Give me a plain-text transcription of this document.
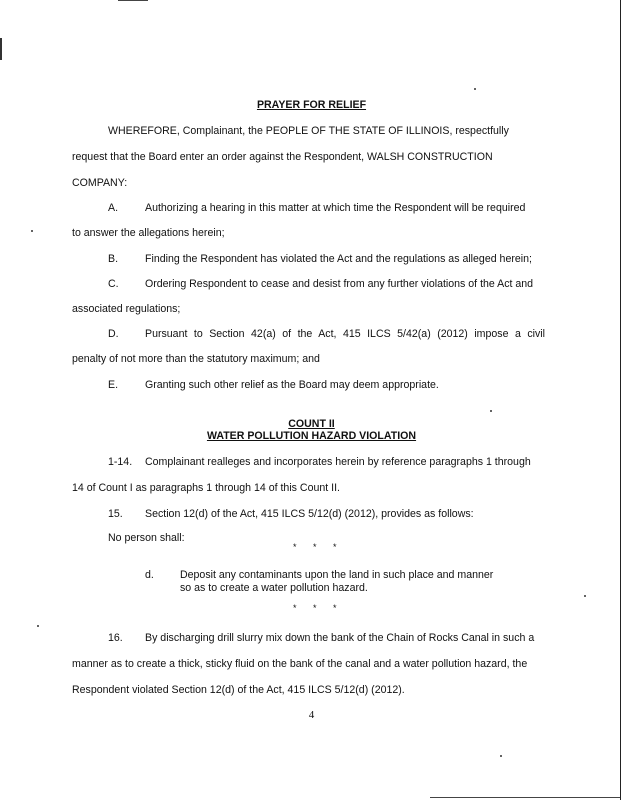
PRAYER FOR RELIEF
WHEREFORE, Complainant, the PEOPLE OF THE STATE OF ILLINOIS, respectfully
request that the Board enter an order against the Respondent, WALSH CONSTRUCTION
COMPANY:
A.	Authorizing a hearing in this matter at which time the Respondent will be required
to answer the allegations herein;
B.	Finding the Respondent has violated the Act and the regulations as alleged herein;
C. Ordering Respondent to cease and desist from any further violations of the Act and
associated regulations;
D. Pursuant to Section 42(a) of the Act, 415 ILCS 5/42(a) (2012) impose a civil
penalty of not more than the statutory maximum; and
E.	Granting such other relief as the Board may deem appropriate.
COUNT II
WATER POLLUTION HAZARD VIOLATION
1-14. Complainant realleges and incorporates herein by reference paragraphs 1 through
14 of Count I as paragraphs 1 through 14 of this Count II.
15. Section 12(d) of the Act, 415 ILCS 5/12(d) (2012), provides as follows:
No person shall:
* * *
d. Deposit any contaminants upon the land in such place and manner
so as to create a water pollution hazard.
* * *
16. By discharging drill slurry mix down the bank of the Chain of Rocks Canal in such a
manner as to create a thick, sticky fluid on the bank of the canal and a water pollution hazard, the
Respondent violated Section 12(d) of the Act, 415 ILCS 5/12(d) (2012).
4
